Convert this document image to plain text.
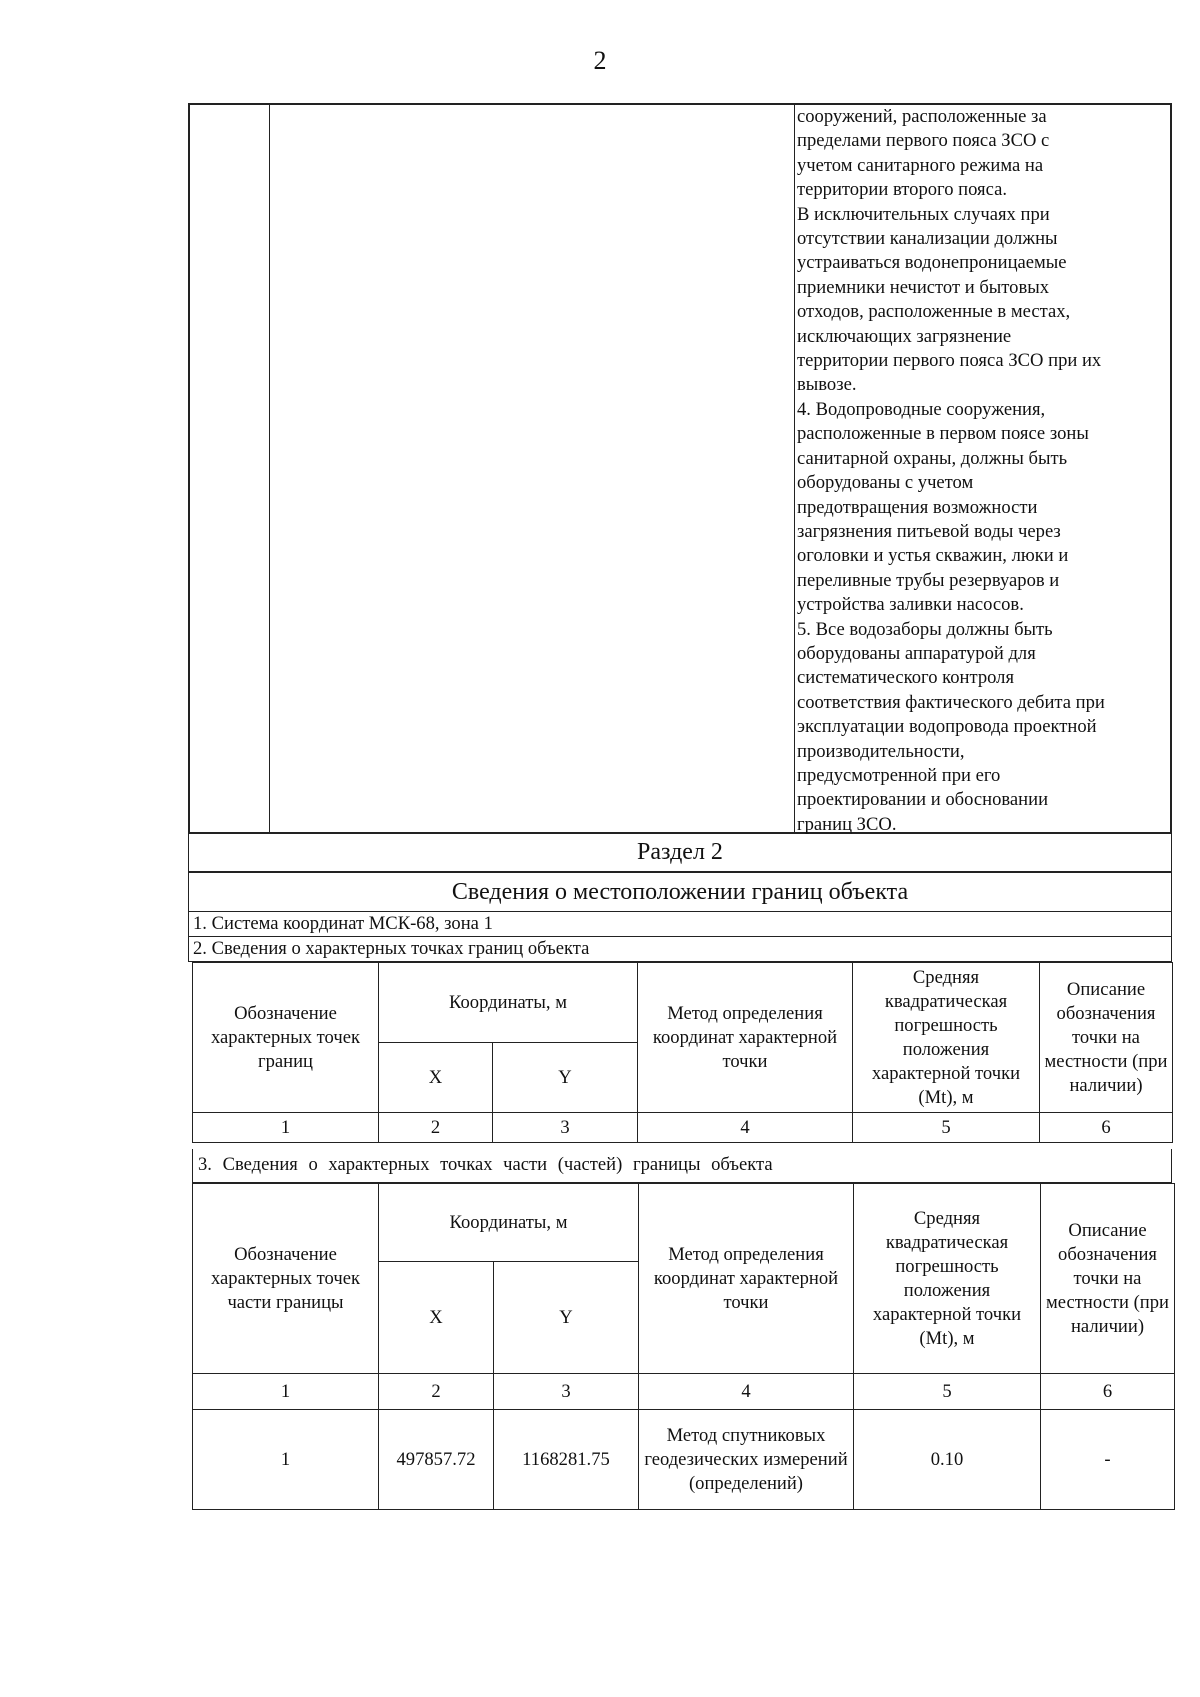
2
сооружений, расположенные за
пределами первого пояса ЗСО с
учетом санитарного режима на
территории второго пояса.
В исключительных случаях при
отсутствии канализации должны
устраиваться водонепроницаемые
приемники нечистот и бытовых
отходов, расположенные в местах,
исключающих загрязнение
территории первого пояса ЗСО при их
вывозе.
4. Водопроводные сооружения,
расположенные в первом поясе зоны
санитарной охраны, должны быть
оборудованы с учетом
предотвращения возможности
загрязнения питьевой воды через
оголовки и устья скважин, люки и
переливные трубы резервуаров и
устройства заливки насосов.
5. Все водозаборы должны быть
оборудованы аппаратурой для
систематического контроля
соответствия фактического дебита при
эксплуатации водопровода проектной
производительности,
предусмотренной при его
проектировании и обосновании
границ ЗСО.
Раздел 2
Сведения о местоположении границ объекта
1. Система координат МСК-68, зона 1
2. Сведения о характерных точках границ объекта
Обозначение характерных точек границ	Координаты, м		Метод определения координат характерной точки	Средняя квадратическая погрешность положения характерной точки (Mt), м	Описание обозначения точки на местности (при наличии)
	X	Y			
1	2	3	4	5	6
3. Сведения о характерных точках части (частей) границы объекта
Обозначение характерных точек части границы	Координаты, м		Метод определения координат характерной точки	Средняя квадратическая погрешность положения характерной точки (Mt), м	Описание обозначения точки на местности (при наличии)
	X	Y			
1	2	3	4	5	6
1	497857.72	1168281.75	Метод спутниковых геодезических измерений (определений)	0.10	-
